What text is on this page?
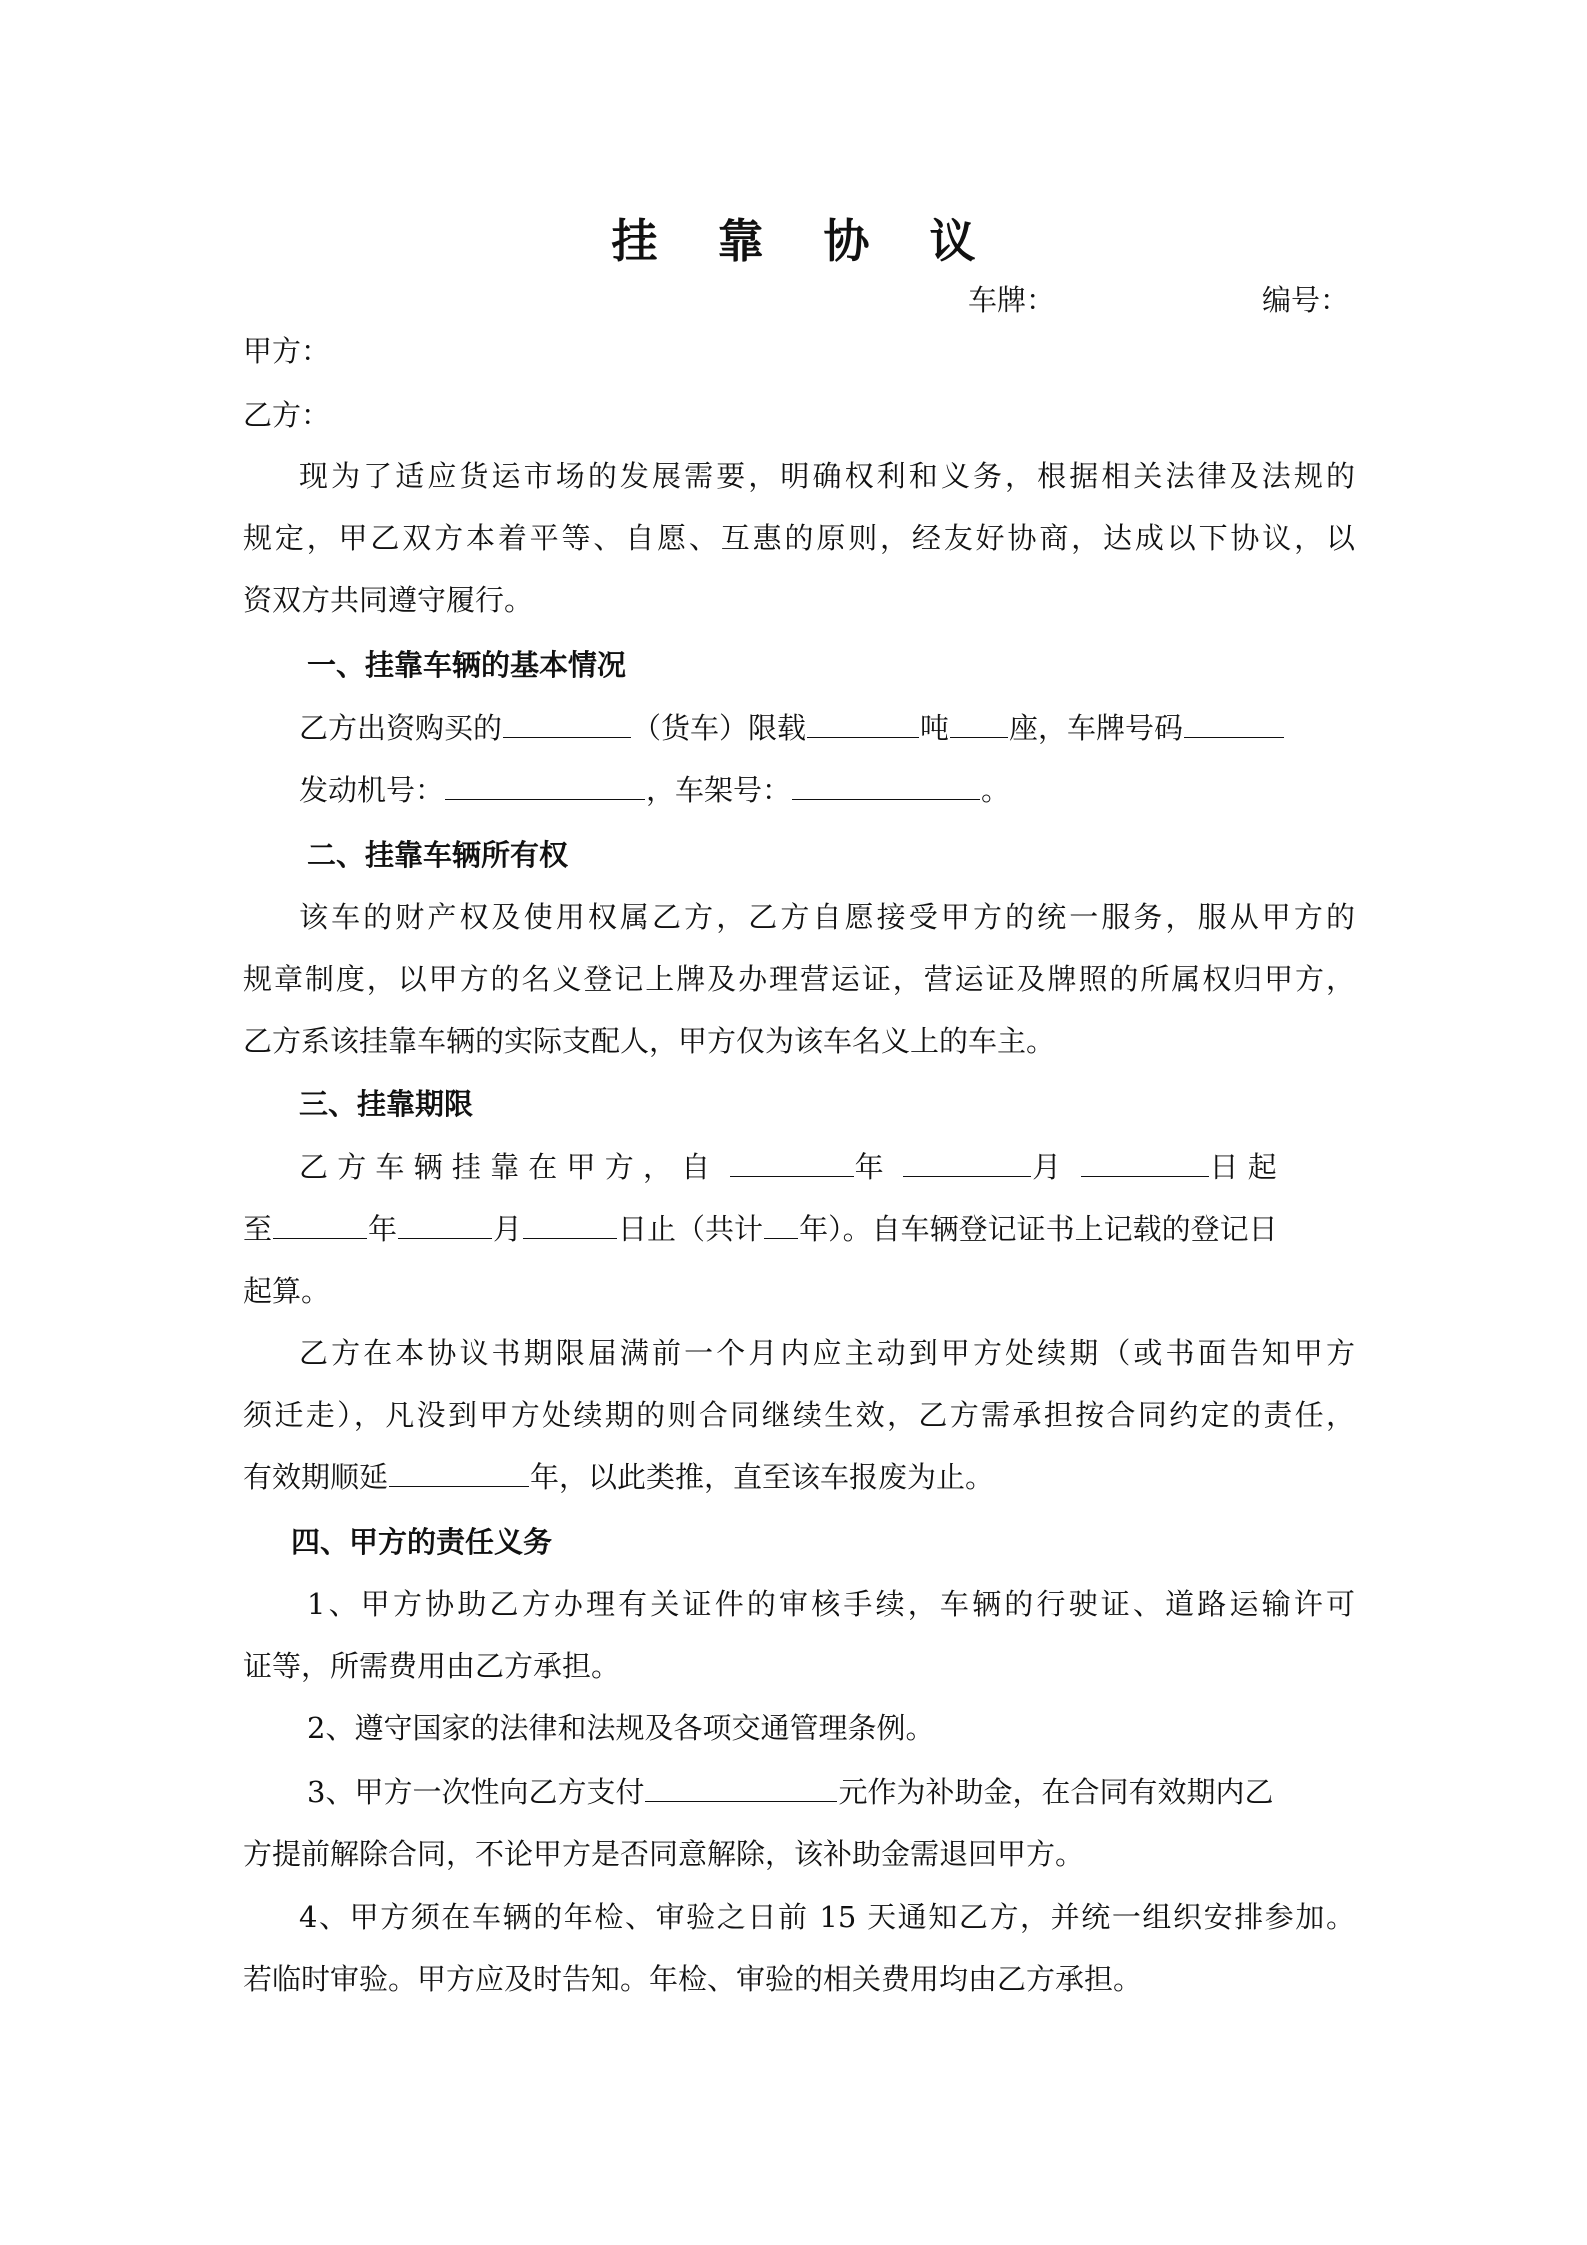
挂 靠 协 议
车牌：	编号：
甲方：
乙方：
现为了适应货运市场的发展需要，明确权利和义务，根据相关法律及法规的
规定，甲乙双方本着平等、自愿、互惠的原则，经友好协商，达成以下协议，以
资双方共同遵守履行。
一、挂靠车辆的基本情况
乙方出资购买的	（货车）限载	吨 座，车牌号码
发动机号：	，车架号：	。
二、挂靠车辆所有权
该车的财产权及使用权属乙方，乙方自愿接受甲方的统一服务，服从甲方的
规章制度，以甲方的名义登记上牌及办理营运证，营运证及牌照的所属权归甲方，
乙方系该挂靠车辆的实际支配人，甲方仅为该车名义上的车主。
三、挂靠期限
乙 方 车 辆 挂 靠 在 甲 方 ， 自	年	月	日 起
至	年	月	日止（共计 年）。自车辆登记证书上记载的登记日
起算。
乙方在本协议书期限届满前一个月内应主动到甲方处续期（或书面告知甲方
须迁走），凡没到甲方处续期的则合同继续生效，乙方需承担按合同约定的责任，
有效期顺延	年，以此类推，直至该车报废为止。
四、甲方的责任义务
1、甲方协助乙方办理有关证件的审核手续，车辆的行驶证、道路运输许可
证等，所需费用由乙方承担。
2、遵守国家的法律和法规及各项交通管理条例。
3、甲方一次性向乙方支付	元作为补助金，在合同有效期内乙
方提前解除合同，不论甲方是否同意解除，该补助金需退回甲方。
4、甲方须在车辆的年检、审验之日前 15 天通知乙方，并统一组织安排参加。
若临时审验。甲方应及时告知。年检、审验的相关费用均由乙方承担。
